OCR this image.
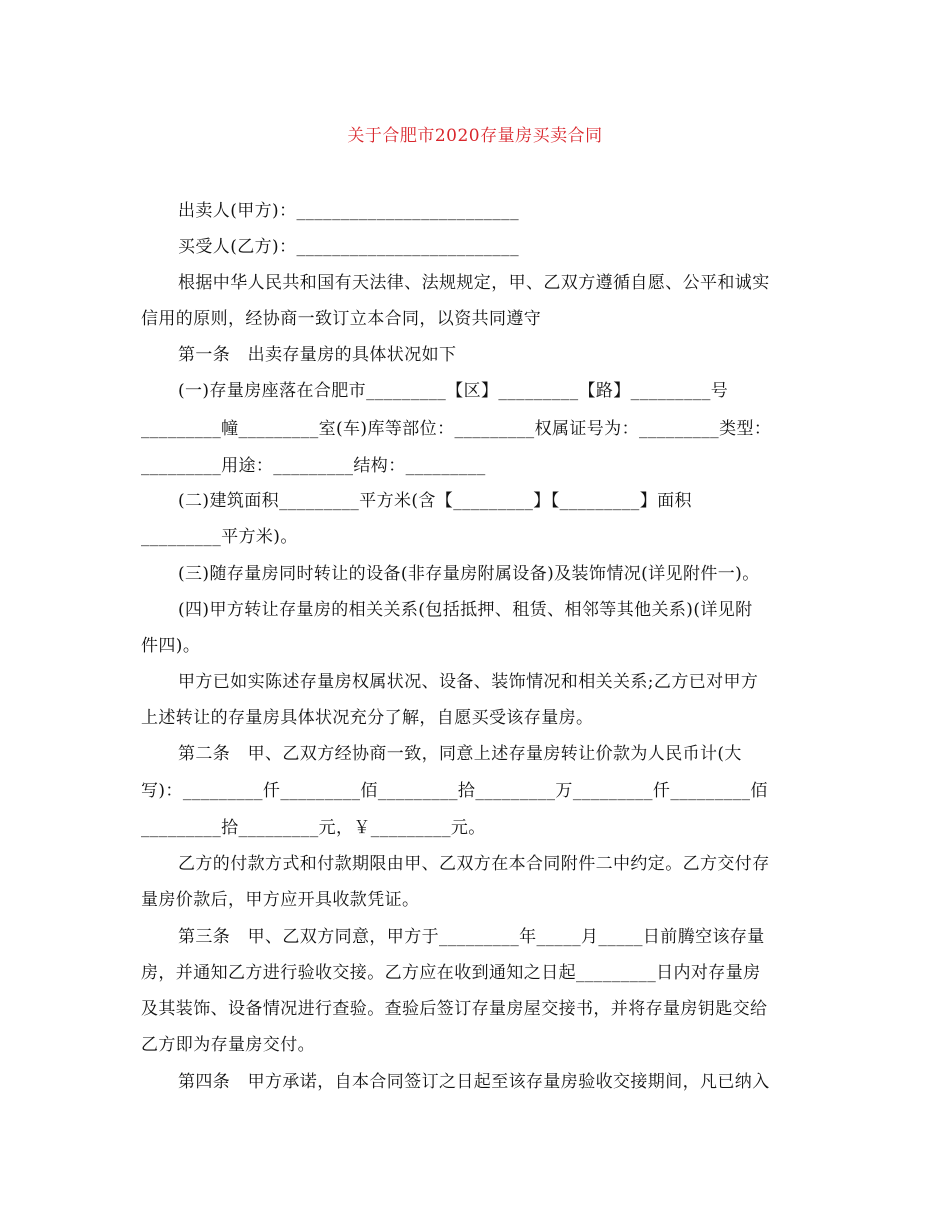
关于合肥市2020存量房买卖合同
出卖人(甲方)：_________________________
买受人(乙方)：_________________________
根据中华人民共和国有天法律、法规规定，甲、乙双方遵循自愿、公平和诚实
信用的原则，经协商一致订立本合同，以资共同遵守
第一条　出卖存量房的具体状况如下
(一)存量房座落在合肥市_________【区】_________【路】_________号
_________幢_________室(车)库等部位：_________权属证号为：_________类型：
_________用途：_________结构：_________
(二)建筑面积_________平方米(含【_________】【_________】面积
_________平方米)。
(三)随存量房同时转让的设备(非存量房附属设备)及装饰情况(详见附件一)。
(四)甲方转让存量房的相关关系(包括抵押、租赁、相邻等其他关系)(详见附
件四)。
甲方已如实陈述存量房权属状况、设备、装饰情况和相关关系;乙方已对甲方
上述转让的存量房具体状况充分了解，自愿买受该存量房。
第二条　甲、乙双方经协商一致，同意上述存量房转让价款为人民币计(大
写)：_________仟_________佰_________拾_________万_________仟_________佰
_________拾_________元，￥_________元。
乙方的付款方式和付款期限由甲、乙双方在本合同附件二中约定。乙方交付存
量房价款后，甲方应开具收款凭证。
第三条　甲、乙双方同意，甲方于_________年_____月_____日前腾空该存量
房，并通知乙方进行验收交接。乙方应在收到通知之日起_________日内对存量房
及其装饰、设备情况进行查验。查验后签订存量房屋交接书，并将存量房钥匙交给
乙方即为存量房交付。
第四条　甲方承诺，自本合同签订之日起至该存量房验收交接期间，凡已纳入
